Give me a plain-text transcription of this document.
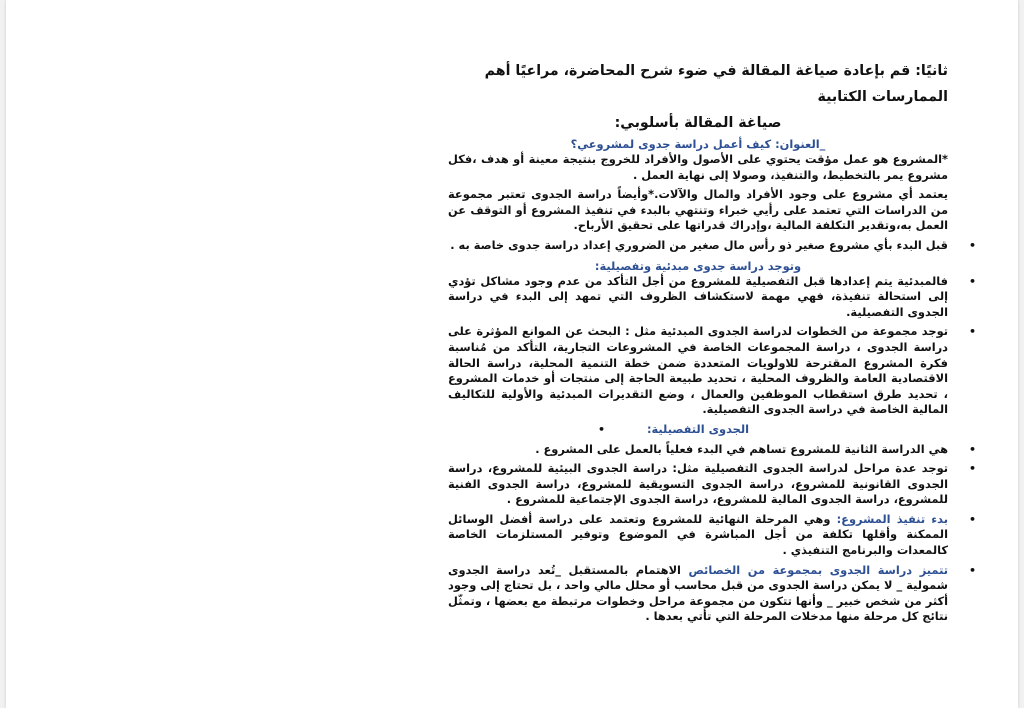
ثانيًا: قم بإعادة صياغة المقالة في ضوء شرح المحاضرة، مراعيًا أهم الممارسات الكتابية

صياغة المقالة بأسلوبي:

_العنوان: كيف أعمل دراسة جدوى لمشروعي؟

*المشروع هو عمل مؤقت يحتوي على الأصول والأفراد للخروج بنتيجة معينة أو هدف ،فكل مشروع يمر بالتخطيط، والتنفيذ، وصولا إلى نهاية العمل .

يعتمد أي مشروع على وجود الأفراد والمال والآلات.*وأيضاً دراسة الجدوى تعتبر مجموعة من الدراسات التي تعتمد على رأيي خبراء وتنتهي بالبدء في تنفيذ المشروع أو التوقف عن العمل به،وتقدير التكلفة المالية ،وإدراك قدراتها على تحقيق الأرباح.

•
قبل البدء بأي مشروع صغير ذو رأس مال صغير من الضروري إعداد دراسة جدوى خاصة به .

وتوجد دراسة جدوى مبدئية وتفصيلية:

•
فالمبدئية يتم إعدادها قبل التفصيلية للمشروع من أجل التأكد من عدم وجود مشاكل تؤدي إلى استحالة تنفيذة، فهي مهمة لاستكشاف الظروف التي تمهد إلى البدء في دراسة الجدوى التفصيلية.
•
توجد مجموعة من الخطوات لدراسة الجدوى المبدئية مثل : البحث عن الموانع المؤثرة على دراسة الجدوى ، دراسة المجموعات الخاصة في المشروعات التجارية، التأكد من مُناسبة فكرة المشروع المقترحة للاولويات المتعددة ضمن خطة التنمية المحلية، دراسة الحالة الاقتصادية العامة والظروف المحلية ، تحديد طبيعة الحاجة إلى منتجات أو خدمات المشروع ، تحديد طرق استقطاب الموظفين والعمال ، وضع التقديرات المبدئية والأولية للتكاليف المالية الخاصة في دراسة الجدوى التفصيلية.
•	الجدوى التفصيلية:
•
هي الدراسة الثانية للمشروع تساهم في البدء فعلياً بالعمل على المشروع .
•
توجد عدة مراحل لدراسة الجدوى التفصيلية مثل: دراسة الجدوى البيئية للمشروع، دراسة الجدوى القانونية للمشروع، دراسة الجدوى التسويقية للمشروع، دراسة الجدوى الفنية للمشروع، دراسة الجدوى المالية للمشروع، دراسة الجدوى الإجتماعية للمشروع .
•
بدء تنفيذ المشروع: وهي المرحلة النهائية للمشروع وتعتمد على دراسة أفضل الوسائل الممكنة وأقلها تكلفة من أجل المباشرة في الموضوع وتوفير المستلزمات الخاصة كالمعدات والبرنامج التنفيذي .
•
تتميز دراسة الجدوى بمجموعة من الخصائص الاهتمام بالمستقبل _تُعد دراسة الجدوى شمولية _ لا يمكن دراسة الجدوى من قبل محاسب أو محلل مالي واحد ، بل تحتاج إلى وجود أكثر من شخص خبير _ وأنها تتكون من مجموعة مراحل وخطوات مرتبطة مع بعضها ، وتمثّل نتائج كل مرحلة منها مدخلات المرحلة التي تأتي بعدها .
